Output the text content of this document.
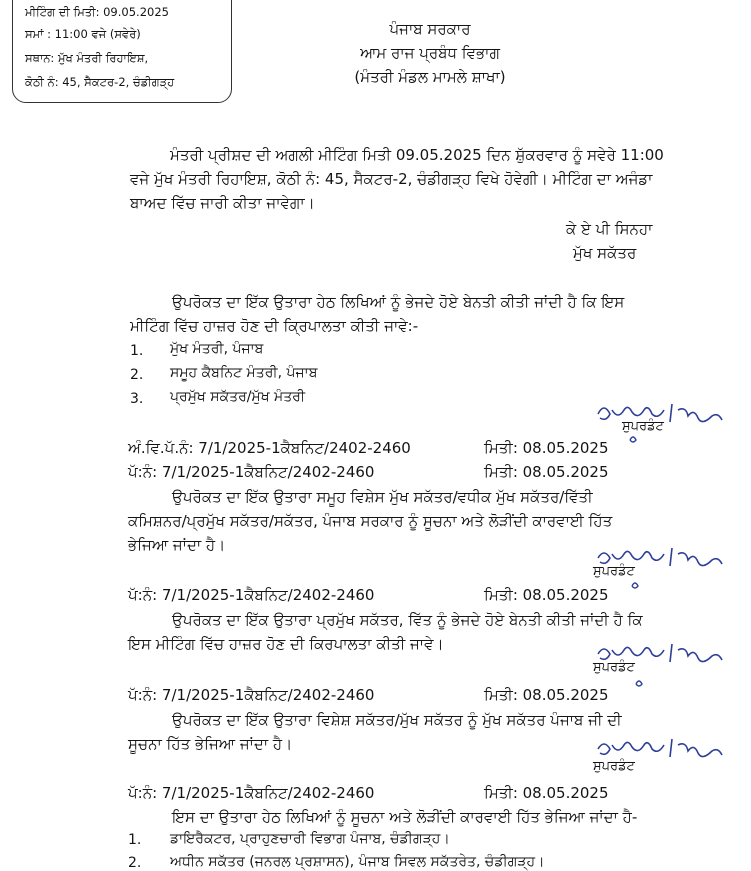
ਮੀਟਿੰਗ ਦੀ ਮਿਤੀ: 09.05.2025
ਸਮਾਂ : 11:00 ਵਜੇ (ਸਵੇਰੇ)
ਸਥਾਨ: ਮੁੱਖ ਮੰਤਰੀ ਰਿਹਾਇਸ਼,
ਕੋਠੀ ਨੰ: 45, ਸੈਕਟਰ-2, ਚੰਡੀਗੜ੍ਹ
ਪੰਜਾਬ ਸਰਕਾਰ
ਆਮ ਰਾਜ ਪ੍ਰਬੰਧ ਵਿਭਾਗ
(ਮੰਤਰੀ ਮੰਡਲ ਮਾਮਲੇ ਸ਼ਾਖਾ)
ਮੰਤਰੀ ਪ੍ਰੀਸ਼ਦ ਦੀ ਅਗਲੀ ਮੀਟਿੰਗ ਮਿਤੀ 09.05.2025 ਦਿਨ ਸ਼ੁੱਕਰਵਾਰ ਨੂੰ ਸਵੇਰੇ 11:00
ਵਜੇ ਮੁੱਖ ਮੰਤਰੀ ਰਿਹਾਇਸ਼, ਕੋਠੀ ਨੰ: 45, ਸੈਕਟਰ-2, ਚੰਡੀਗੜ੍ਹ ਵਿਖੇ ਹੋਵੇਗੀ। ਮੀਟਿੰਗ ਦਾ ਅਜੰਡਾ
ਬਾਅਦ ਵਿੱਚ ਜਾਰੀ ਕੀਤਾ ਜਾਵੇਗਾ।
ਕੇ ਏ ਪੀ ਸਿਨਹਾ
ਮੁੱਖ ਸਕੱਤਰ
ਉਪਰੋਕਤ ਦਾ ਇੱਕ ਉਤਾਰਾ ਹੇਠ ਲਿਖਿਆਂ ਨੂੰ ਭੇਜਦੇ ਹੋਏ ਬੇਨਤੀ ਕੀਤੀ ਜਾਂਦੀ ਹੈ ਕਿ ਇਸ
ਮੀਟਿੰਗ ਵਿੱਚ ਹਾਜ਼ਰ ਹੋਣ ਦੀ ਕ੍ਰਿਪਾਲਤਾ ਕੀਤੀ ਜਾਵੇ:-
1. ਮੁੱਖ ਮੰਤਰੀ, ਪੰਜਾਬ
2. ਸਮੂਹ ਕੈਬਨਿਟ ਮੰਤਰੀ, ਪੰਜਾਬ
3. ਪ੍ਰਮੁੱਖ ਸਕੱਤਰ/ਮੁੱਖ ਮੰਤਰੀ
ਸੁਪਰਡੰਟ
ਅੰ.ਵਿ.ਪੱ.ਨੰ: 7/1/2025-1ਕੈਬਨਿਟ/2402-2460	ਮਿਤੀ: 08.05.2025
ਪੱ:ਨੰ: 7/1/2025-1ਕੈਬਨਿਟ/2402-2460	ਮਿਤੀ: 08.05.2025
ਉਪਰੋਕਤ ਦਾ ਇੱਕ ਉਤਾਰਾ ਸਮੂਹ ਵਿਸ਼ੇਸ ਮੁੱਖ ਸਕੱਤਰ/ਵਧੀਕ ਮੁੱਖ ਸਕੱਤਰ/ਵਿੱਤੀ
ਕਮਿਸ਼ਨਰ/ਪ੍ਰਮੁੱਖ ਸਕੱਤਰ/ਸਕੱਤਰ, ਪੰਜਾਬ ਸਰਕਾਰ ਨੂੰ ਸੂਚਨਾ ਅਤੇ ਲੋੜੀਂਦੀ ਕਾਰਵਾਈ ਹਿੱਤ
ਭੇਜਿਆ ਜਾਂਦਾ ਹੈ।
ਸੁਪਰਡੰਟ
ਪੱ:ਨੰ: 7/1/2025-1ਕੈਬਨਿਟ/2402-2460	ਮਿਤੀ: 08.05.2025
ਉਪਰੋਕਤ ਦਾ ਇੱਕ ਉਤਾਰਾ ਪ੍ਰਮੁੱਖ ਸਕੱਤਰ, ਵਿੱਤ ਨੂੰ ਭੇਜਦੇ ਹੋਏ ਬੇਨਤੀ ਕੀਤੀ ਜਾਂਦੀ ਹੈ ਕਿ
ਇਸ ਮੀਟਿੰਗ ਵਿੱਚ ਹਾਜ਼ਰ ਹੋਣ ਦੀ ਕਿਰਪਾਲਤਾ ਕੀਤੀ ਜਾਵੇ।
ਸੁਪਰਡੰਟ
ਪੱ:ਨੰ: 7/1/2025-1ਕੈਬਨਿਟ/2402-2460	ਮਿਤੀ: 08.05.2025
ਉਪਰੋਕਤ ਦਾ ਇੱਕ ਉਤਾਰਾ ਵਿਸ਼ੇਸ਼ ਸਕੱਤਰ/ਮੁੱਖ ਸਕੱਤਰ ਨੂੰ ਮੁੱਖ ਸਕੱਤਰ ਪੰਜਾਬ ਜੀ ਦੀ
ਸੂਚਨਾ ਹਿੱਤ ਭੇਜਿਆ ਜਾਂਦਾ ਹੈ।
ਸੁਪਰਡੰਟ
ਪੱ:ਨੰ: 7/1/2025-1ਕੈਬਨਿਟ/2402-2460	ਮਿਤੀ: 08.05.2025
ਇਸ ਦਾ ਉਤਾਰਾ ਹੇਠ ਲਿਖਿਆਂ ਨੂੰ ਸੂਚਨਾ ਅਤੇ ਲੋੜੀਂਦੀ ਕਾਰਵਾਈ ਹਿੱਤ ਭੇਜਿਆ ਜਾਂਦਾ ਹੈ-
1. ਡਾਇਰੈਕਟਰ, ਪ੍ਰਾਹੁਣਚਾਰੀ ਵਿਭਾਗ ਪੰਜਾਬ, ਚੰਡੀਗੜ੍ਹ।
2. ਅਧੀਨ ਸਕੱਤਰ (ਜਨਰਲ ਪ੍ਰਸ਼ਾਸਨ), ਪੰਜਾਬ ਸਿਵਲ ਸਕੱਤਰੇਤ, ਚੰਡੀਗੜ੍ਹ।
